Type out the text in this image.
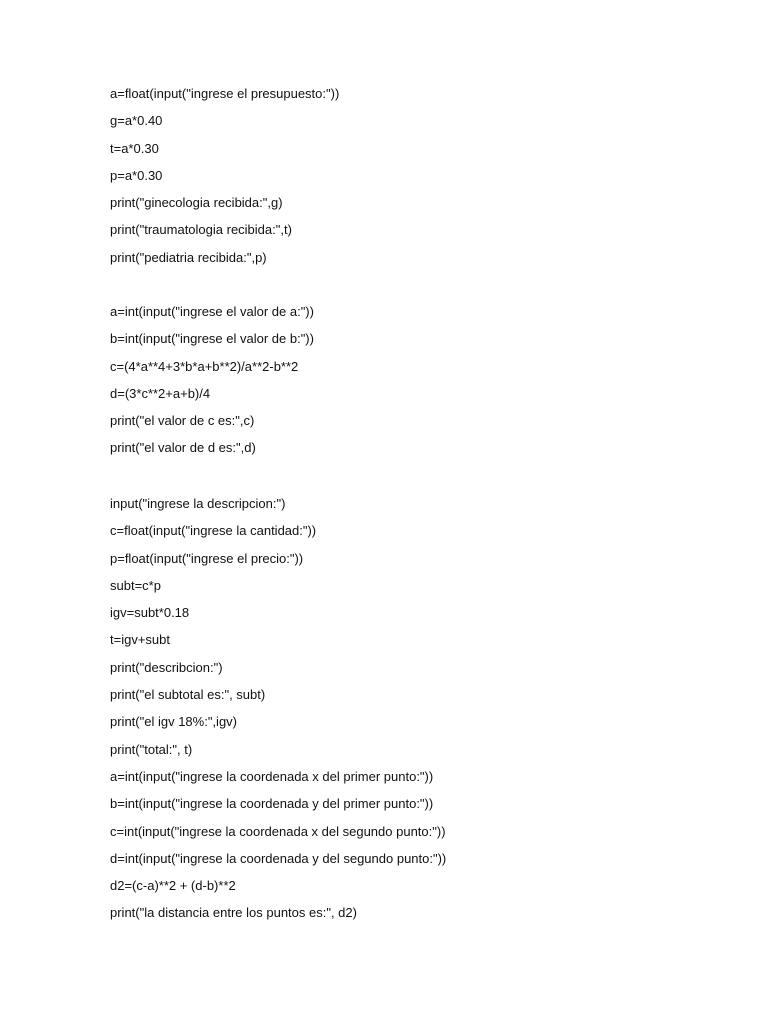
a=float(input("ingrese el presupuesto:"))
g=a*0.40
t=a*0.30
p=a*0.30
print("ginecologia recibida:",g)
print("traumatologia recibida:",t)
print("pediatria recibida:",p)
a=int(input("ingrese el valor de a:"))
b=int(input("ingrese el valor de b:"))
c=(4*a**4+3*b*a+b**2)/a**2-b**2
d=(3*c**2+a+b)/4
print("el valor de c es:",c)
print("el valor de d es:",d)
input("ingrese la descripcion:")
c=float(input("ingrese la cantidad:"))
p=float(input("ingrese el precio:"))
subt=c*p
igv=subt*0.18
t=igv+subt
print("describcion:")
print("el subtotal es:", subt)
print("el igv 18%:",igv)
print("total:", t)
a=int(input("ingrese la coordenada x del primer punto:"))
b=int(input("ingrese la coordenada y del primer punto:"))
c=int(input("ingrese la coordenada x del segundo punto:"))
d=int(input("ingrese la coordenada y del segundo punto:"))
d2=(c-a)**2 + (d-b)**2
print("la distancia entre los puntos es:", d2)
